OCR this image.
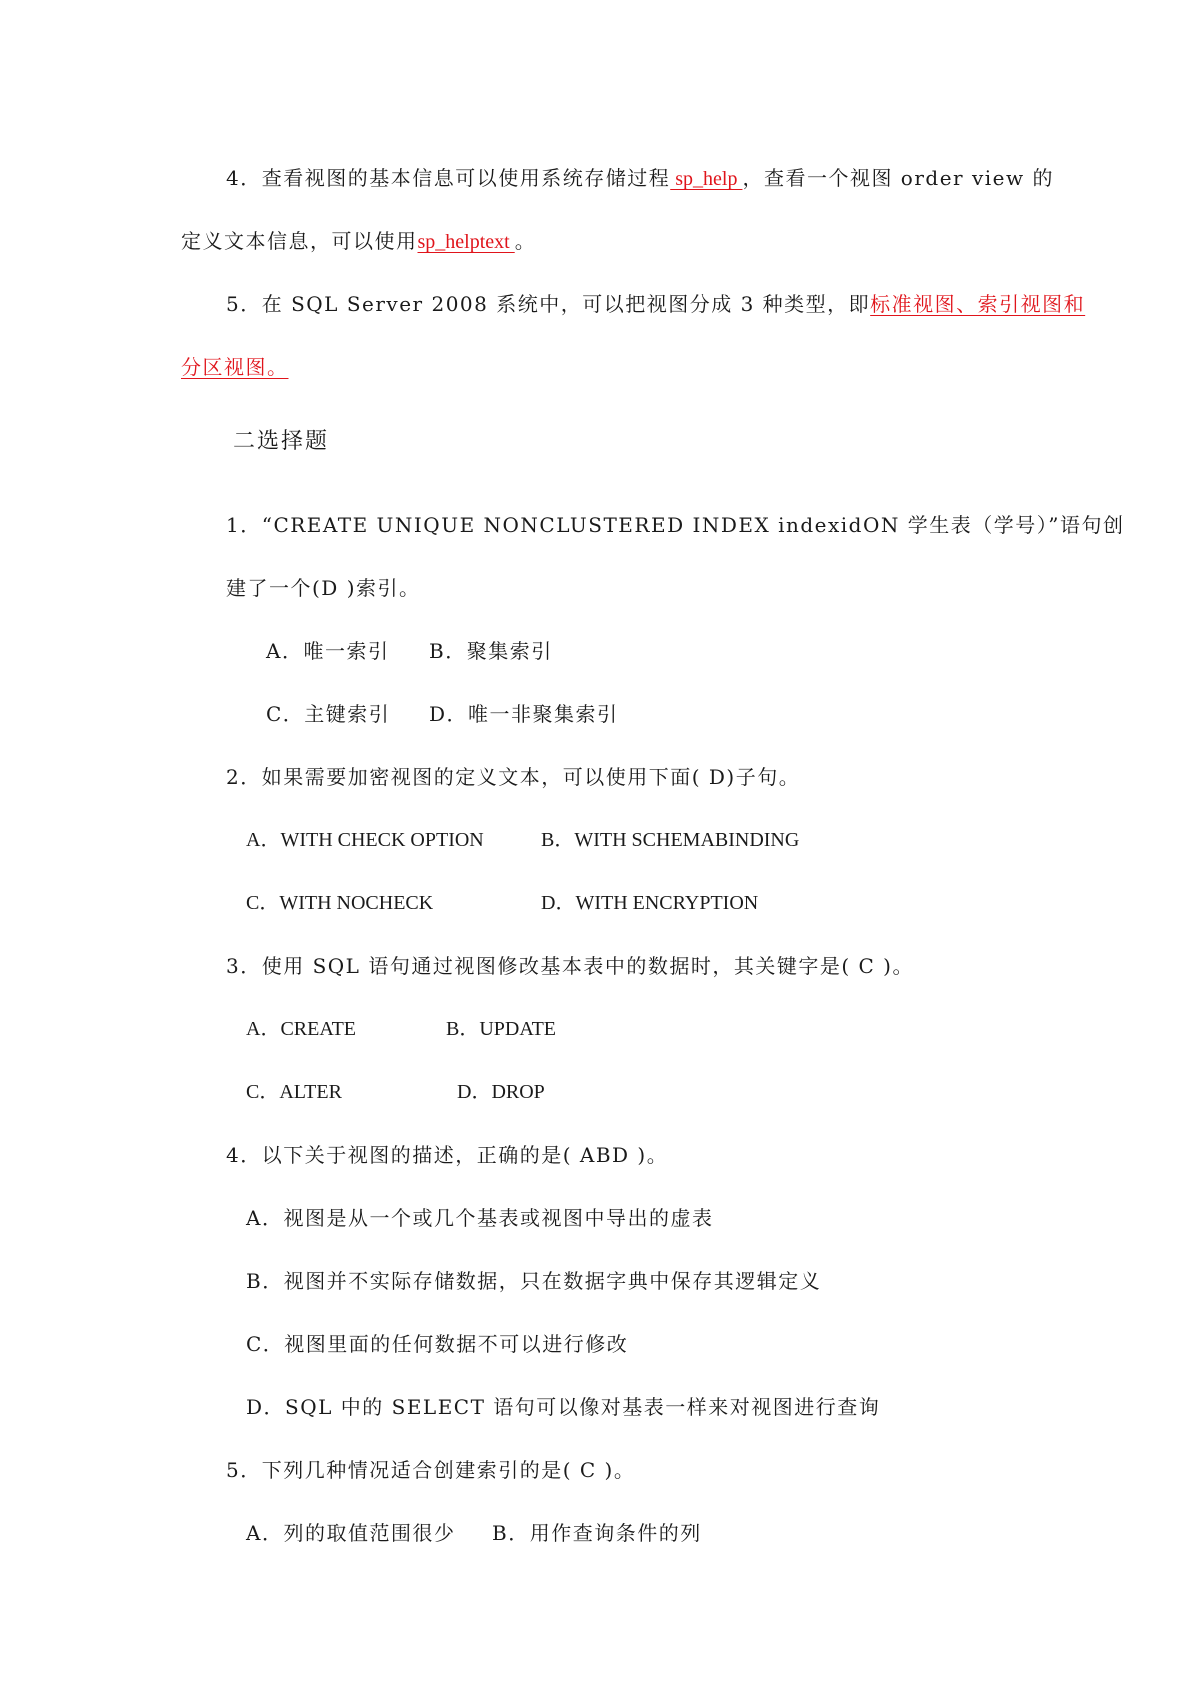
4．查看视图的基本信息可以使用系统存储过程 sp_help ，查看一个视图 order view 的
定义文本信息，可以使用sp_helptext 。
5．在 SQL Server 2008 系统中，可以把视图分成 3 种类型，即标准视图、索引视图和
分区视图。
二选择题
1．“CREATE UNIQUE NONCLUSTERED INDEX indexidON 学生表（学号）”语句创
建了一个(D )索引。
A．唯一索引 B．聚集索引
C．主键索引 D．唯一非聚集索引
2．如果需要加密视图的定义文本，可以使用下面( D)子句。
A．WITH CHECK OPTION	B．WITH SCHEMABINDING
C．WITH NOCHECK	D．WITH ENCRYPTION
3．使用 SQL 语句通过视图修改基本表中的数据时，其关键字是( C )。
A．CREATE	B．UPDATE
C．ALTER	D．DROP
4．以下关于视图的描述，正确的是( ABD )。
A．视图是从一个或几个基表或视图中导出的虚表
B．视图并不实际存储数据，只在数据字典中保存其逻辑定义
C．视图里面的任何数据不可以进行修改
D．SQL 中的 SELECT 语句可以像对基表一样来对视图进行查询
5．下列几种情况适合创建索引的是( C )。
A．列的取值范围很少 B．用作查询条件的列
